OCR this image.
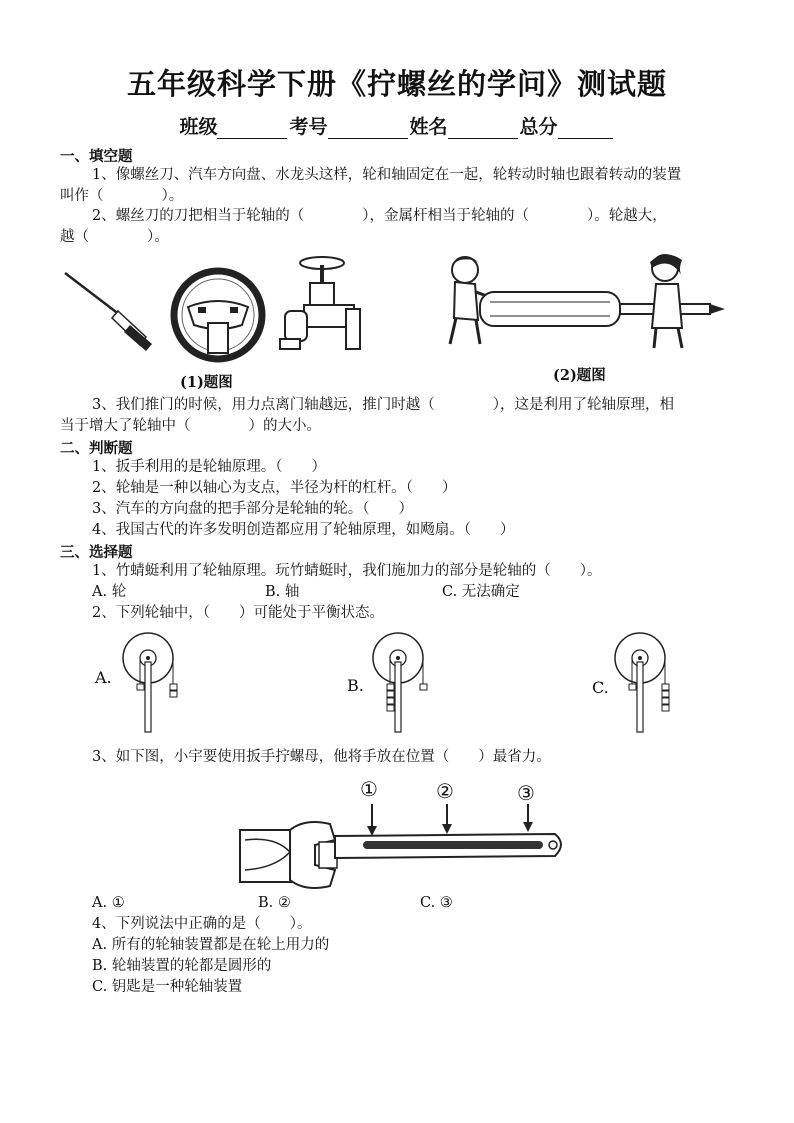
五年级科学下册《拧螺丝的学问》测试题
班级	考号	姓名	总分
一、填空题
1、像螺丝刀、汽车方向盘、水龙头这样，轮和轴固定在一起，轮转动时轴也跟着转动的装置
叫作（　　　　）。
2、螺丝刀的刀把相当于轮轴的（　　　　），金属杆相当于轮轴的（　　　　）。轮越大，
越（　　　　）。
(1)题图	(2)题图
3、我们推门的时候，用力点离门轴越远，推门时越（　　　　），这是利用了轮轴原理，相
当于增大了轮轴中（　　　　）的大小。
二、判断题
1、扳手利用的是轮轴原理。（　　）
2、轮轴是一种以轴心为支点，半径为杆的杠杆。（　　）
3、汽车的方向盘的把手部分是轮轴的轮。（　　）
4、我国古代的许多发明创造都应用了轮轴原理，如飏扇。（　　）
三、选择题
1、竹蜻蜓利用了轮轴原理。玩竹蜻蜓时，我们施加力的部分是轮轴的（　　）。
A. 轮	B. 轴	C. 无法确定
2、下列轮轴中，（　　）可能处于平衡状态。
A.	B.	C.
3、如下图，小宇要使用扳手拧螺母，他将手放在位置（　　）最省力。
①	②	③
A. ①	B. ②	C. ③
4、下列说法中正确的是（　　）。
A. 所有的轮轴装置都是在轮上用力的
B. 轮轴装置的轮都是圆形的
C. 钥匙是一种轮轴装置
